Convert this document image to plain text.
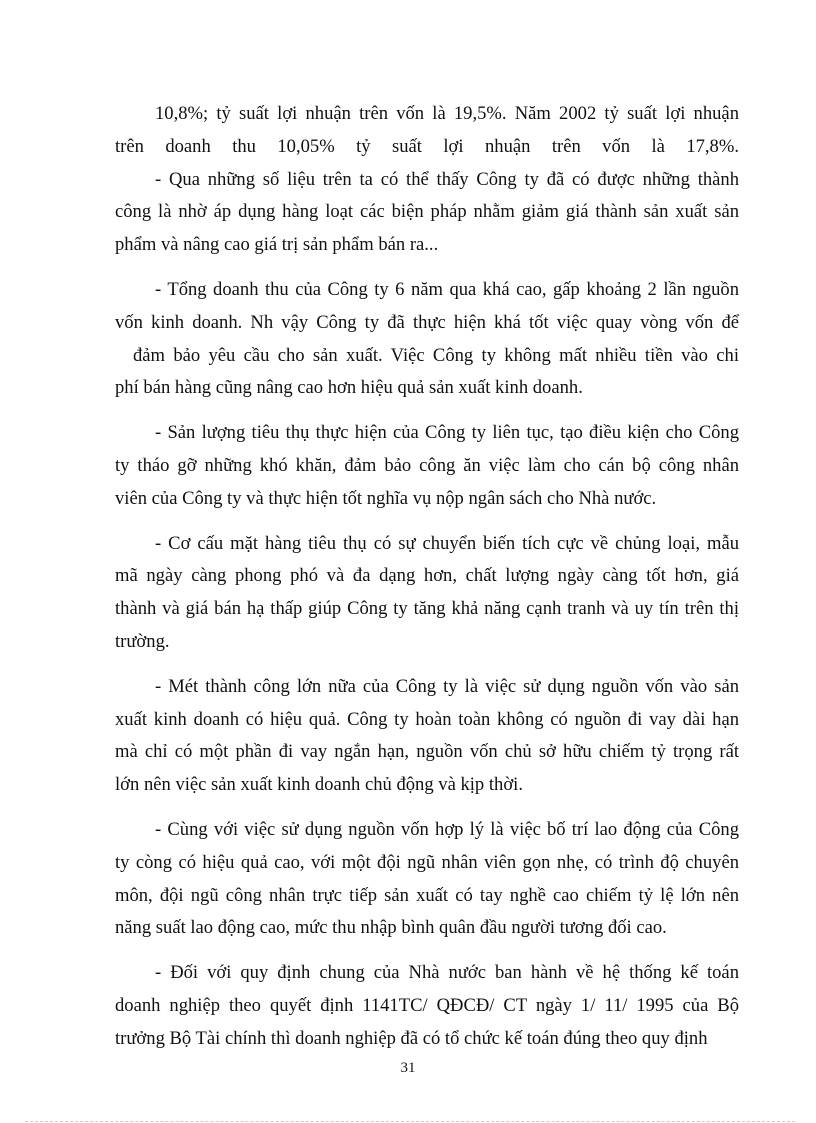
10,8%; tỷ suất lợi nhuận trên vốn là 19,5%. Năm 2002 tỷ suất lợi nhuận
trên doanh thu 10,05% tỷ suất lợi nhuận trên vốn là 17,8%.
- Qua những số liệu trên ta có thể thấy Công ty đã có được những thành
công là nhờ áp dụng hàng loạt các biện pháp nhằm giảm giá thành sản xuất sản
phẩm và nâng cao giá trị sản phẩm bán ra...
- Tổng doanh thu của Công ty 6 năm qua khá cao, gấp khoảng 2 lần nguồn
vốn kinh doanh. Nh vậy Công ty đã thực hiện khá tốt việc quay vòng vốn để
đảm bảo yêu cầu cho sản xuất. Việc Công ty không mất nhiều tiền vào chi
phí bán hàng cũng nâng cao hơn hiệu quả sản xuất kinh doanh.
- Sản lượng tiêu thụ thực hiện của Công ty liên tục, tạo điều kiện cho Công
ty tháo gỡ những khó khăn, đảm bảo công ăn việc làm cho cán bộ công nhân
viên của Công ty và thực hiện tốt nghĩa vụ nộp ngân sách cho Nhà nước.
- Cơ cấu mặt hàng tiêu thụ có sự chuyển biến tích cực về chủng loại, mẫu
mã ngày càng phong phó và đa dạng hơn, chất lượng ngày càng tốt hơn, giá
thành và giá bán hạ thấp giúp Công ty tăng khả năng cạnh tranh và uy tín trên thị
trường.
- Mét thành công lớn nữa của Công ty là việc sử dụng nguồn vốn vào sản
xuất kinh doanh có hiệu quả. Công ty hoàn toàn không có nguồn đi vay dài hạn
mà chỉ có một phần đi vay ngắn hạn, nguồn vốn chủ sở hữu chiếm tỷ trọng rất
lớn nên việc sản xuất kinh doanh chủ động và kịp thời.
- Cùng với việc sử dụng nguồn vốn hợp lý là việc bố trí lao động của Công
ty còng có hiệu quả cao, với một đội ngũ nhân viên gọn nhẹ, có trình độ chuyên
môn, đội ngũ công nhân trực tiếp sản xuất có tay nghề cao chiếm tỷ lệ lớn nên
năng suất lao động cao, mức thu nhập bình quân đầu người tương đối cao.
- Đối với quy định chung của Nhà nước ban hành về hệ thống kế toán
doanh nghiệp theo quyết định 1141TC/ QĐCĐ/ CT ngày 1/ 11/ 1995 của Bộ
trưởng Bộ Tài chính thì doanh nghiệp đã có tổ chức kế toán đúng theo quy định
31
